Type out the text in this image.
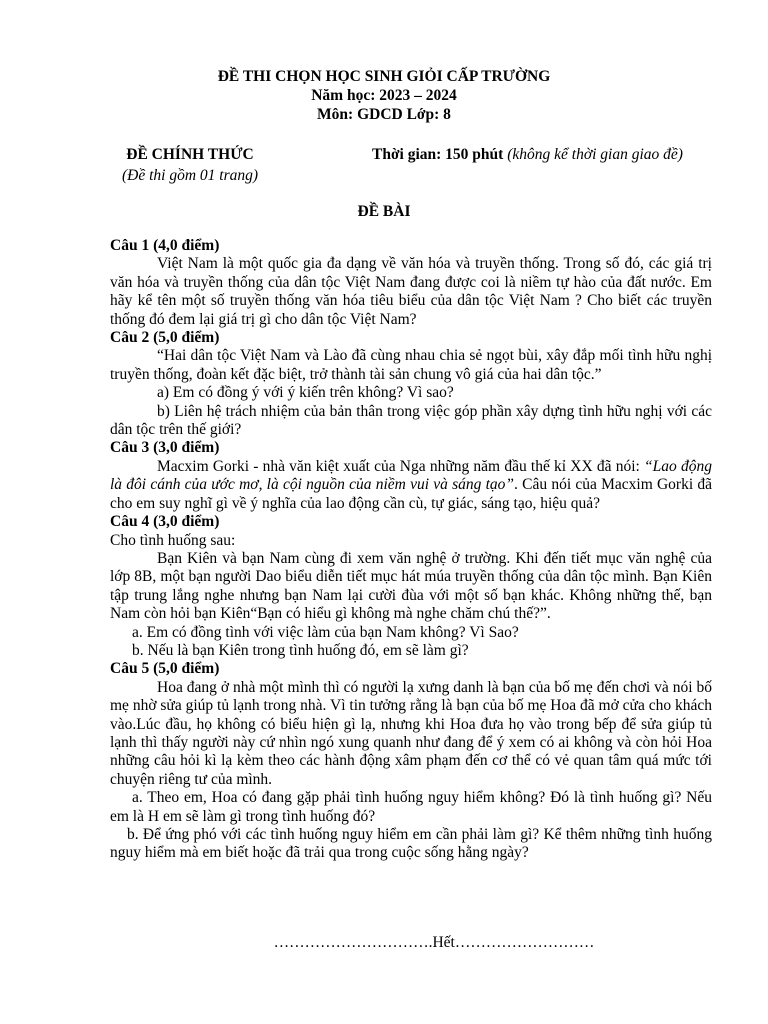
ĐỀ THI CHỌN HỌC SINH GIỎI CẤP TRƯỜNG
Năm học: 2023 – 2024
Môn: GDCD Lớp: 8
ĐỀ CHÍNH THỨC
(Đề thi gồm 01 trang)
Thời gian: 150 phút (không kể thời gian giao đề)
ĐỀ BÀI

Câu 1 (4,0 điểm)

Việt Nam là một quốc gia đa dạng về văn hóa và truyền thống. Trong số đó, các giá trị văn hóa và truyền thống của dân tộc Việt Nam đang được coi là niềm tự hào của đất nước. Em hãy kể tên một số truyền thống văn hóa tiêu biểu của dân tộc Việt Nam ? Cho biết các truyền thống đó đem lại giá trị gì cho dân tộc Việt Nam?

Câu 2 (5,0 điểm)

“Hai dân tộc Việt Nam và Lào đã cùng nhau chia sẻ ngọt bùi, xây đắp mối tình hữu nghị truyền thống, đoàn kết đặc biệt, trở thành tài sản chung vô giá của hai dân tộc.”

a) Em có đồng ý với ý kiến trên không? Vì sao?

b) Liên hệ trách nhiệm của bản thân trong việc góp phần xây dựng tình hữu nghị với các dân tộc trên thế giới?

Câu 3 (3,0 điểm)

Macxim Gorki - nhà văn kiệt xuất của Nga những năm đầu thế kỉ XX đã nói: “Lao động là đôi cánh của ước mơ, là cội nguồn của niềm vui và sáng tạo”. Câu nói của Macxim Gorki đã cho em suy nghĩ gì về ý nghĩa của lao động cần cù, tự giác, sáng tạo, hiệu quả?

Câu 4 (3,0 điểm)

Cho tình huống sau:

Bạn Kiên và bạn Nam cùng đi xem văn nghệ ở trường. Khi đến tiết mục văn nghệ của lớp 8B, một bạn người Dao biểu diễn tiết mục hát múa truyền thống của dân tộc mình. Bạn Kiên tập trung lắng nghe nhưng bạn Nam lại cười đùa với một số bạn khác. Không những thế, bạn Nam còn hỏi bạn Kiên“Bạn có hiểu gì không mà nghe chăm chú thế?”.

a. Em có đồng tình với việc làm của bạn Nam không? Vì Sao?

b. Nếu là bạn Kiên trong tình huống đó, em sẽ làm gì?

Câu 5 (5,0 điểm)

Hoa đang ở nhà một mình thì có người lạ xưng danh là bạn của bố mẹ đến chơi và nói bố mẹ nhờ sửa giúp tủ lạnh trong nhà. Vì tin tưởng rằng là bạn của bố mẹ Hoa đã mở cửa cho khách vào.Lúc đầu, họ không có biểu hiện gì lạ, nhưng khi Hoa đưa họ vào trong bếp để sửa giúp tủ lạnh thì thấy người này cứ nhìn ngó xung quanh như đang để ý xem có ai không và còn hỏi Hoa những câu hỏi kì lạ kèm theo các hành động xâm phạm đến cơ thể có vẻ quan tâm quá mức tới chuyện riêng tư của mình.

a. Theo em, Hoa có đang gặp phải tình huống nguy hiểm không? Đó là tình huống gì? Nếu em là H em sẽ làm gì trong tình huống đó?

b. Để ứng phó với các tình huống nguy hiểm em cần phải làm gì? Kể thêm những tình huống nguy hiểm mà em biết hoặc đã trải qua trong cuộc sống hằng ngày?

………………………….Hết………………………
